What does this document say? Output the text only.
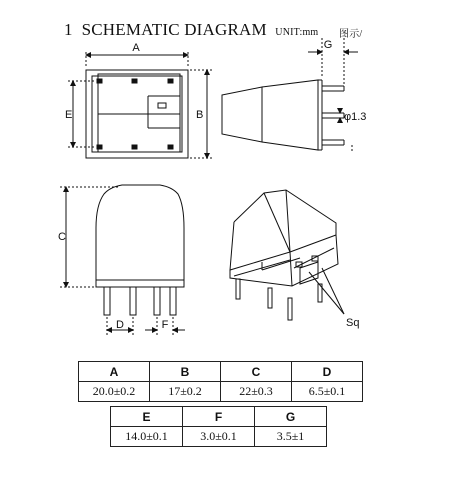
1 SCHEMATIC DIAGRAM UNIT:mm 图示/
A
B
E
G
φ1.3
C
D	F	Sq
A	B	C	D
20.0±0.2	17±0.2	22±0.3	6.5±0.1
E	F	G
14.0±0.1	3.0±0.1	3.5±1
